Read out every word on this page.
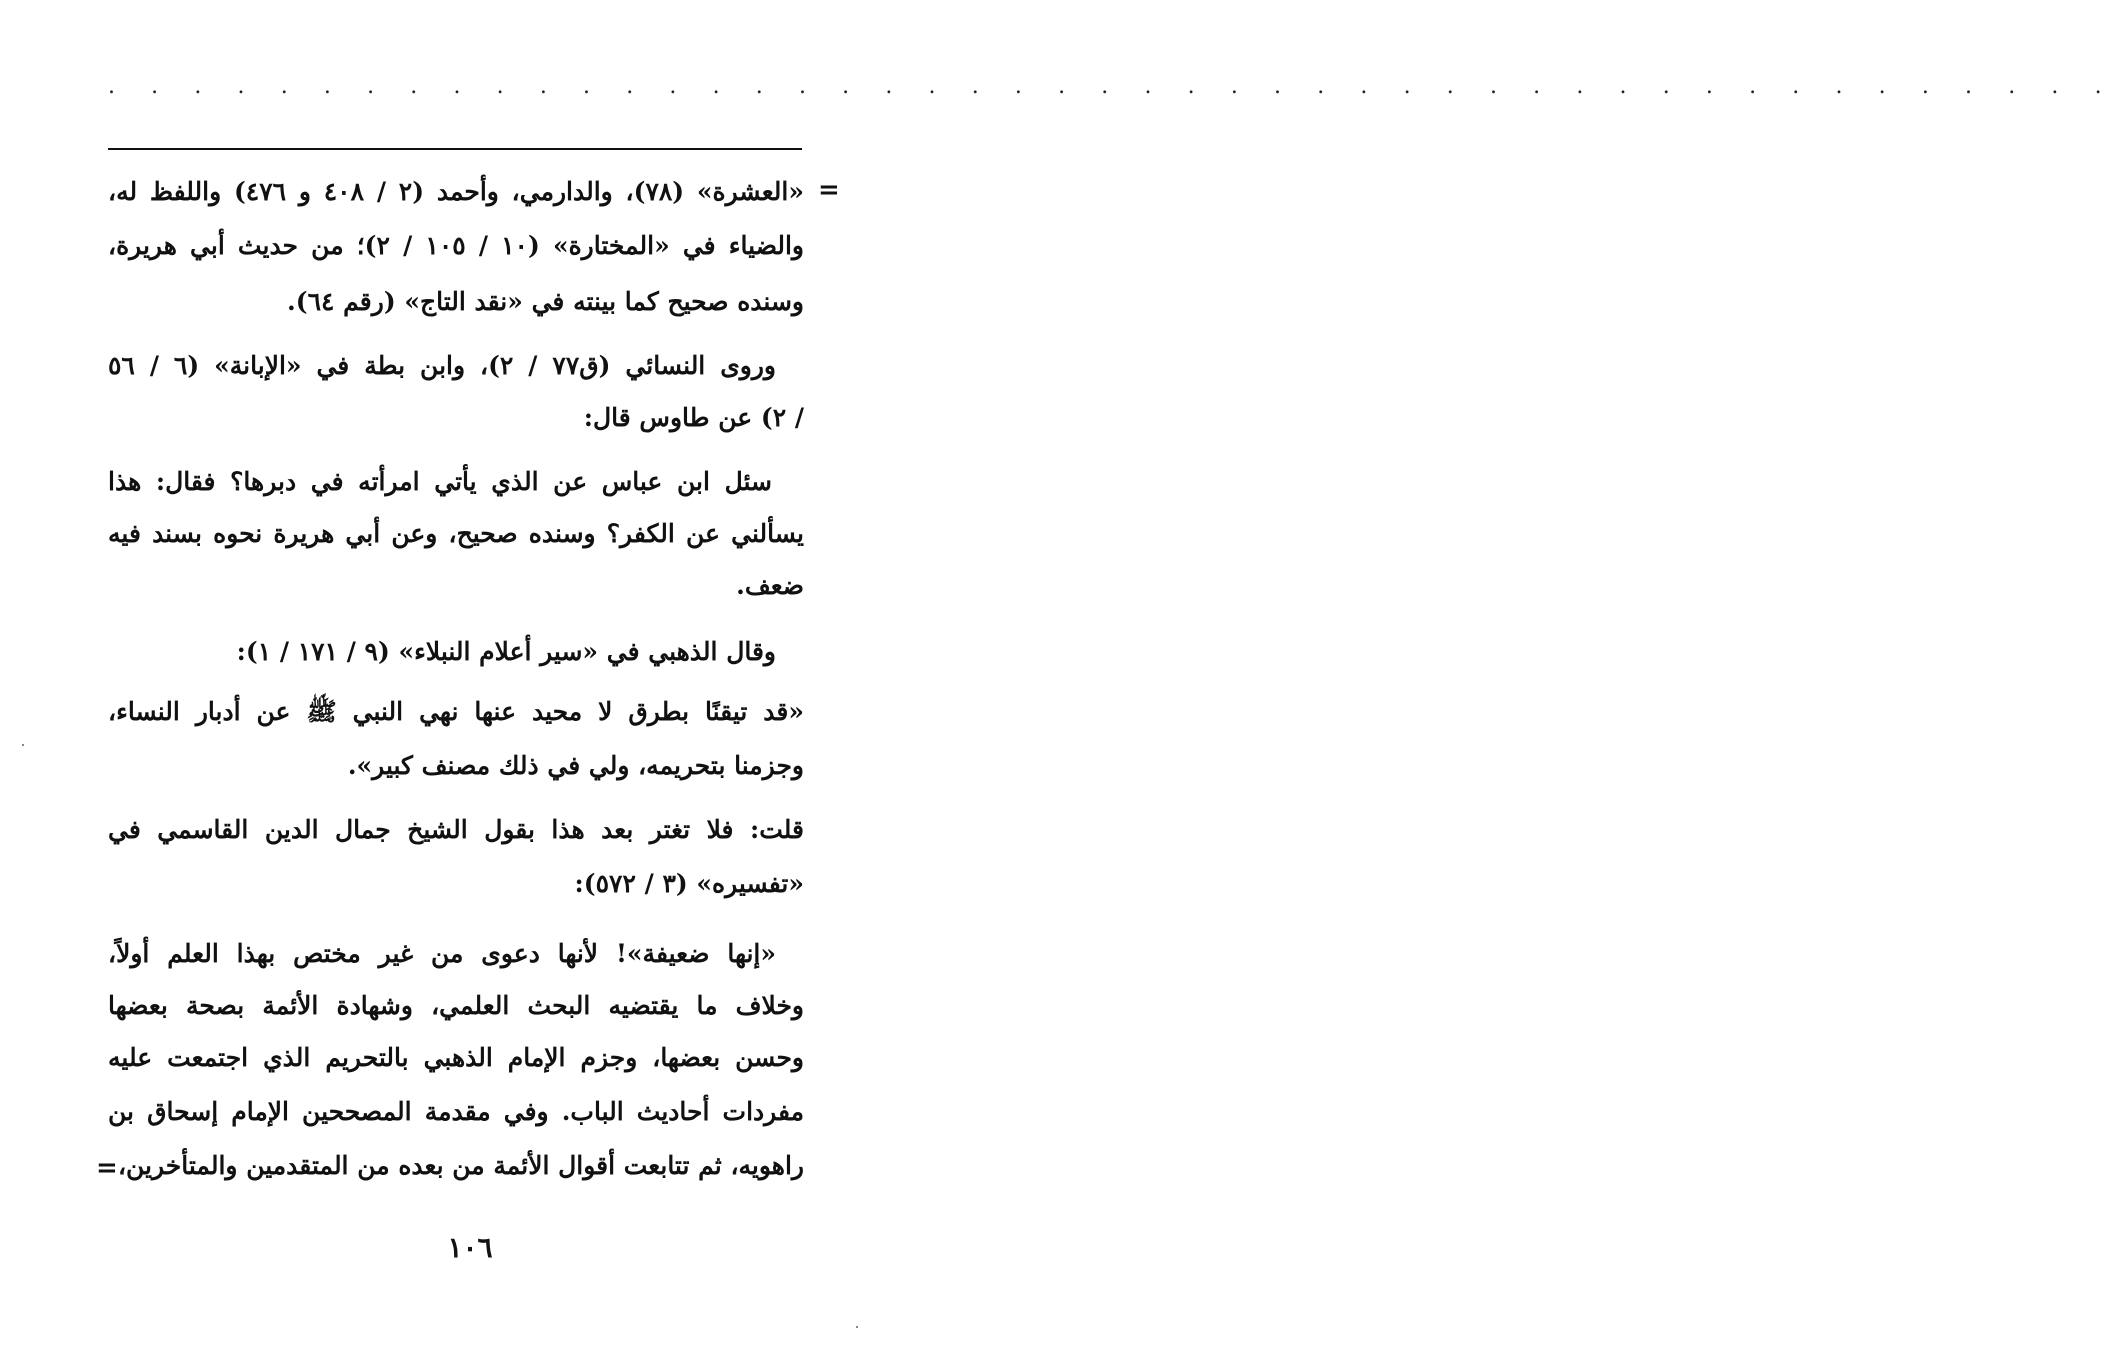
. . . . . . . . . . . . . . . . . . . . . . . . . . . . . . . . . . . . . . . . . . . . . . .
=
«العشرة» (٧٨)، والدارمي، وأحمد (٢ / ٤٠٨ و ٤٧٦) واللفظ له،
والضياء في «المختارة» (١٠ / ١٠٥ / ٢)؛ من حديث أبي هريرة،
وسنده صحيح كما بينته في «نقد التاج» (رقم ٦٤).
وروى النسائي (ق٧٧ / ٢)، وابن بطة في «الإبانة» (٦ / ٥٦
/ ٢) عن طاوس قال:
سئل ابن عباس عن الذي يأتي امرأته في دبرها؟ فقال: هذا
يسألني عن الكفر؟ وسنده صحيح، وعن أبي هريرة نحوه بسند فيه
ضعف.
وقال الذهبي في «سير أعلام النبلاء» (٩ / ١٧١ / ١):
«قد تيقنًا بطرق لا محيد عنها نهي النبي ﷺ عن أدبار النساء،
وجزمنا بتحريمه، ولي في ذلك مصنف كبير».
قلت: فلا تغتر بعد هذا بقول الشيخ جمال الدين القاسمي في
«تفسيره» (٣ / ٥٧٢):
«إنها ضعيفة»! لأنها دعوى من غير مختص بهذا العلم أولاً،
وخلاف ما يقتضيه البحث العلمي، وشهادة الأئمة بصحة بعضها
وحسن بعضها، وجزم الإمام الذهبي بالتحريم الذي اجتمعت عليه
مفردات أحاديث الباب. وفي مقدمة المصححين الإمام إسحاق بن
راهويه، ثم تتابعت أقوال الأئمة من بعده من المتقدمين والمتأخرين،
=
١٠٦
